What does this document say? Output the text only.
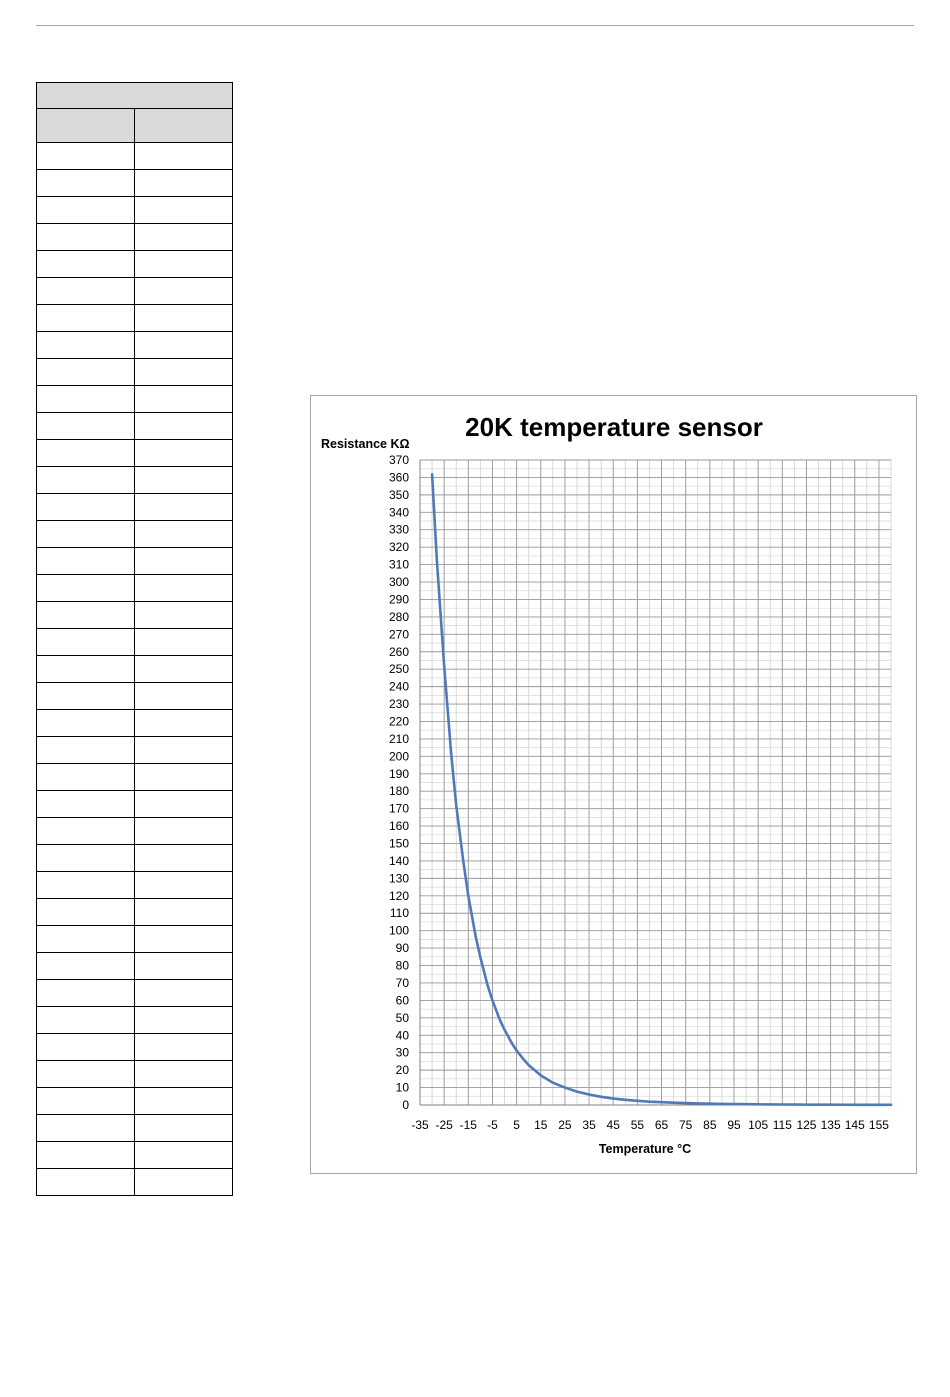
20K temperature sensor
Resistance KΩ
Temperature °C
0
10
20
30
40
50
60
70
80
90
100
110
120
130
140
150
160
170
180
190
200
210
220
230
240
250
260
270
280
290
300
310
320
330
340
350
360
370
-35 -25 -15 -5 5 15 25 35 45 55 65 75 85 95 105 115 125 135 145 155
